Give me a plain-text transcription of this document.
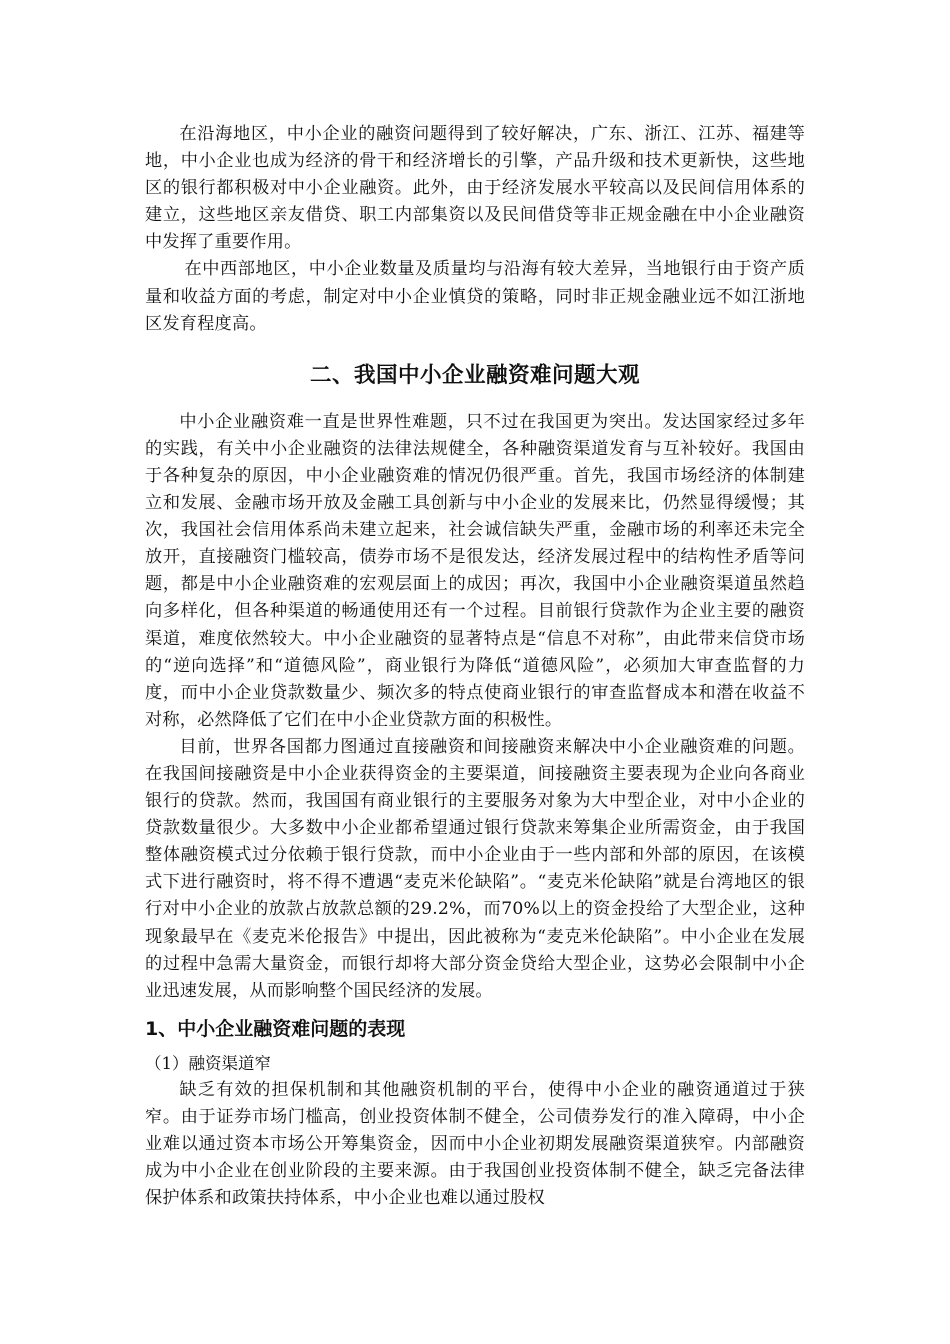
在沿海地区，中小企业的融资问题得到了较好解决，广东、浙江、江苏、福建等地，中小企业也成为经济的骨干和经济增长的引擎，产品升级和技术更新快，这些地区的银行都积极对中小企业融资。此外，由于经济发展水平较高以及民间信用体系的建立，这些地区亲友借贷、职工内部集资以及民间借贷等非正规金融在中小企业融资中发挥了重要作用。

在中西部地区，中小企业数量及质量均与沿海有较大差异，当地银行由于资产质量和收益方面的考虑，制定对中小企业慎贷的策略，同时非正规金融业远不如江浙地区发育程度高。

二、我国中小企业融资难问题大观

中小企业融资难一直是世界性难题，只不过在我国更为突出。发达国家经过多年的实践，有关中小企业融资的法律法规健全，各种融资渠道发育与互补较好。我国由于各种复杂的原因，中小企业融资难的情况仍很严重。首先，我国市场经济的体制建立和发展、金融市场开放及金融工具创新与中小企业的发展来比，仍然显得缓慢；其次，我国社会信用体系尚未建立起来，社会诚信缺失严重，金融市场的利率还未完全放开，直接融资门槛较高，债券市场不是很发达，经济发展过程中的结构性矛盾等问题，都是中小企业融资难的宏观层面上的成因；再次，我国中小企业融资渠道虽然趋向多样化，但各种渠道的畅通使用还有一个过程。目前银行贷款作为企业主要的融资渠道，难度依然较大。中小企业融资的显著特点是“信息不对称”，由此带来信贷市场的“逆向选择”和“道德风险”，商业银行为降低“道德风险”，必须加大审查监督的力度，而中小企业贷款数量少、频次多的特点使商业银行的审查监督成本和潜在收益不对称，必然降低了它们在中小企业贷款方面的积极性。

目前，世界各国都力图通过直接融资和间接融资来解决中小企业融资难的问题。在我国间接融资是中小企业获得资金的主要渠道，间接融资主要表现为企业向各商业银行的贷款。然而，我国国有商业银行的主要服务对象为大中型企业，对中小企业的贷款数量很少。大多数中小企业都希望通过银行贷款来筹集企业所需资金，由于我国整体融资模式过分依赖于银行贷款，而中小企业由于一些内部和外部的原因，在该模式下进行融资时，将不得不遭遇“麦克米伦缺陷”。“麦克米伦缺陷”就是台湾地区的银行对中小企业的放款占放款总额的29.2%，而70%以上的资金投给了大型企业，这种现象最早在《麦克米伦报告》中提出，因此被称为“麦克米伦缺陷”。中小企业在发展的过程中急需大量资金，而银行却将大部分资金贷给大型企业，这势必会限制中小企业迅速发展，从而影响整个国民经济的发展。

1、中小企业融资难问题的表现

（1）融资渠道窄

缺乏有效的担保机制和其他融资机制的平台，使得中小企业的融资通道过于狭窄。由于证券市场门槛高，创业投资体制不健全，公司债券发行的准入障碍，中小企业难以通过资本市场公开筹集资金，因而中小企业初期发展融资渠道狭窄。内部融资成为中小企业在创业阶段的主要来源。由于我国创业投资体制不健全，缺乏完备法律保护体系和政策扶持体系，中小企业也难以通过股权
